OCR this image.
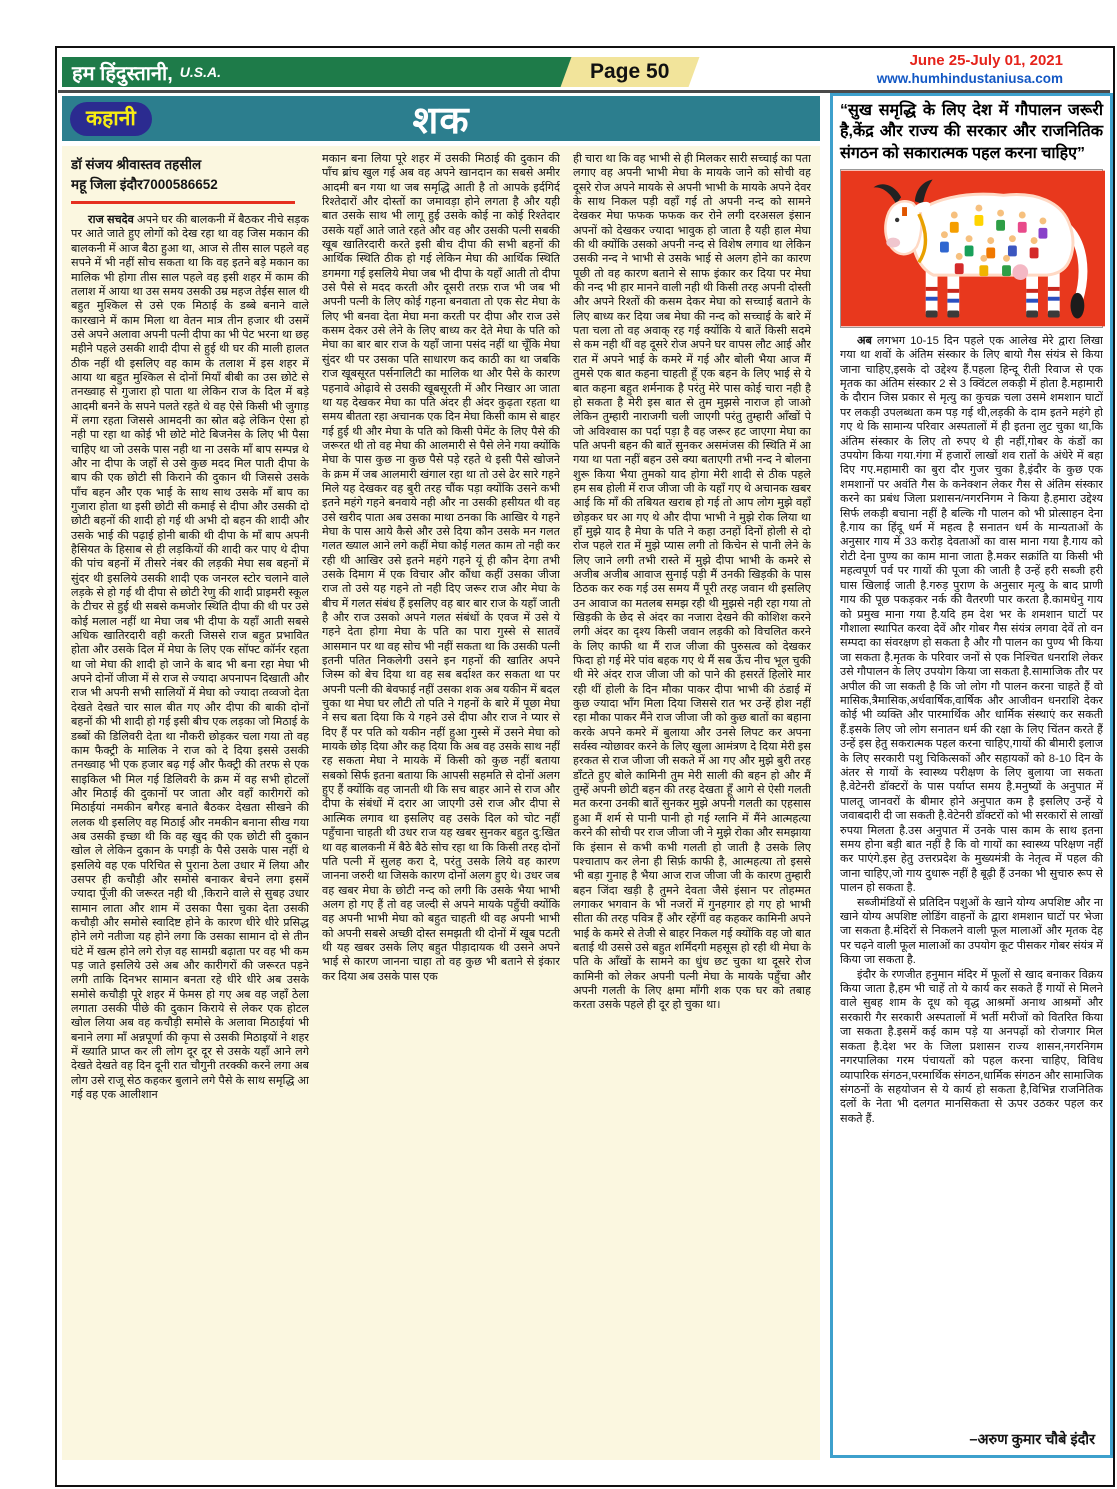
हम हिंदुस्तानी, U.S.A.	Page 50	June 25-July 01, 2021
www.humhindustaniusa.com
कहानी	शक
डॉ संजय श्रीवास्तव तहसील
महू जिला इंदौर7000586652

राज सचदेव अपने घर की बालकनी में बैठकर नीचे सड़क पर आते जाते हुए लोगों को देख रहा था वह जिस मकान की बालकनी में आज बैठा हुआ था, आज से तीस साल पहले वह सपने में भी नहीं सोच सकता था कि वह इतने बड़े मकान का मालिक भी होगा तीस साल पहले वह इसी शहर में काम की तलाश में आया था उस समय उसकी उम्र महज तेईस साल थी बहुत मुश्किल से उसे एक मिठाई के डब्बे बनाने वाले कारखाने में काम मिला था वेतन मात्र तीन हजार थी उसमें उसे अपने अलावा अपनी पत्नी दीपा का भी पेट भरना था छह महीने पहले उसकी शादी दीपा से हुई थी घर की माली हालत ठीक नहीं थी इसलिए वह काम के तलाश में इस शहर में आया था बहुत मुश्किल से दोनों मियाँ बीबी का उस छोटे से तनख्वाह से गुजारा हो पाता था लेकिन राज के दिल में बड़े आदमी बनने के सपने पलते रहते थे वह ऐसे किसी भी जुगाड़ में लगा रहता जिससे आमदनी का स्रोत बढ़े लेकिन ऐसा हो नही पा रहा था कोई भी छोटे मोटे बिजनेस के लिए भी पैसा चाहिए था जो उसके पास नही था ना उसके माँ बाप सम्पन्न थे और ना दीपा के जहाँ से उसे कुछ मदद मिल पाती दीपा के बाप की एक छोटी सी किराने की दुकान थी जिससे उसके पाँच बहन और एक भाई के साथ साथ उसके माँ बाप का गुजारा होता था इसी छोटी सी कमाई से दीपा और उसकी दो छोटी बहनों की शादी हो गई थी अभी दो बहन की शादी और उसके भाई की पढ़ाई होनी बाकी थी दीपा के माँ बाप अपनी हैसियत के हिसाब से ही लड़कियों की शादी कर पाए थे दीपा की पांच बहनों में तीसरे नंबर की लड़की मेघा सब बहनों में सुंदर थी इसलिये उसकी शादी एक जनरल स्टोर चलाने वाले लड़के से हो गई थी दीपा से छोटी रेणु की शादी प्राइमरी स्कूल के टीचर से हुई थी सबसे कमजोर स्थिति दीपा की थी पर उसे कोई मलाल नहीं था मेघा जब भी दीपा के यहाँ आती सबसे अधिक खातिरदारी वही करती जिससे राज बहुत प्रभावित होता और उसके दिल में मेघा के लिए एक सॉफ्ट कॉर्नर रहता था जो मेघा की शादी हो जाने के बाद भी बना रहा मेघा भी अपने दोनों जीजा में से राज से ज्यादा अपनापन दिखाती और राज भी अपनी सभी सालियों में मेघा को ज्यादा तव्वजो देता देखते देखते चार साल बीत गए और दीपा की बाकी दोनों बहनों की भी शादी हो गई इसी बीच एक लड़का जो मिठाई के डब्बों की डिलिवरी देता था नौकरी छोड़कर चला गया तो वह काम फैक्ट्री के मालिक ने राज को दे दिया इससे उसकी तनख्वाह भी एक हजार बढ़ गई और फैक्ट्री की तरफ से एक साइकिल भी मिल गई डिलिवरी के क्रम में वह सभी होटलों और मिठाई की दुकानों पर जाता और वहाँ कारीगरों को मिठाईयां नमकीन बगैरह बनाते बैठकर देखता सीखने की ललक थी इसलिए वह मिठाई और नमकीन बनाना सीख गया अब उसकी इच्छा थी कि वह खुद की एक छोटी सी दुकान खोल ले लेकिन दुकान के पगड़ी के पैसे उसके पास नहीं थे इसलिये वह एक परिचित से पुराना ठेला उधार में लिया और उसपर ही कचौड़ी और समोसे बनाकर बेचने लगा इसमें ज्यादा पूँजी की जरूरत नही थी ,किराने वाले से सुबह उधार सामान लाता और शाम में उसका पैसा चुका देता उसकी कचौड़ी और समोसे स्वादिष्ट होने के कारण धीरे धीरे प्रसिद्ध होने लगे नतीजा यह होने लगा कि उसका सामान दो से तीन घंटे में खत्म होने लगे रोज़ वह सामग्री बढ़ाता पर वह भी कम पड़ जाते इसलिये उसे अब और कारीगरों की जरूरत पड़ने लगी ताकि दिनभर सामान बनता रहे धीरे धीरे अब उसके समोसे कचौड़ी पूरे शहर में फेमस हो गए अब वह जहाँ ठेला लगाता उसकी पीछे की दुकान किराये से लेकर एक होटल खोल लिया अब वह कचौड़ी समोसे के अलावा मिठाईयां भी बनाने लगा माँ अन्नपूर्णा की कृपा से उसकी मिठाइयों ने शहर में ख्याति प्राप्त कर ली लोग दूर दूर से उसके यहाँ आने लगे देखते देखते वह दिन दूनी रात चौगुनी तरक्की करने लगा अब लोग उसे राजू सेठ कहकर बुलाने लगे पैसे के साथ समृद्धि आ गई वह एक आलीशान

मकान बना लिया पूरे शहर में उसकी मिठाई की दुकान की पाँच ब्रांच खुल गई अब वह अपने खानदान का सबसे अमीर आदमी बन गया था जब समृद्धि आती है तो आपके इर्दगिर्द रिश्तेदारों और दोस्तों का जमावड़ा होने लगता है और यही बात उसके साथ भी लागू हुई उसके कोई ना कोई रिश्तेदार उसके यहाँ आते जाते रहते और वह और उसकी पत्नी सबकी खूब खातिरदारी करते इसी बीच दीपा की सभी बहनों की आर्थिक स्थिति ठीक हो गई लेकिन मेघा की आर्थिक स्थिति डगमगा गई इसलिये मेघा जब भी दीपा के यहाँ आती तो दीपा उसे पैसे से मदद करती और दूसरी तरफ़ राज भी जब भी अपनी पत्नी के लिए कोई गहना बनवाता तो एक सेट मेघा के लिए भी बनवा देता मेघा मना करती पर दीपा और राज उसे कसम देकर उसे लेने के लिए बाध्य कर देते मेघा के पति को मेघा का बार बार राज के यहाँ जाना पसंद नहीं था चूँकि मेघा सुंदर थी पर उसका पति साधारण कद काठी का था जबकि राज खूबसूरत पर्सनालिटी का मालिक था और पैसे के कारण पहनावे ओढ़ावे से उसकी खूबसूरती में और निखार आ जाता था यह देखकर मेघा का पति अंदर ही अंदर कुढ़ता रहता था समय बीतता रहा अचानक एक दिन मेघा किसी काम से बाहर गई हुई थी और मेघा के पति को किसी पेमेंट के लिए पैसे की जरूरत थी तो वह मेघा की आलमारी से पैसे लेने गया क्योंकि मेघा के पास कुछ ना कुछ पैसे पड़े रहते थे इसी पैसे खोजने के क्रम में जब आलमारी खंगाल रहा था तो उसे ढेर सारे गहने मिले यह देखकर वह बुरी तरह चौंक पड़ा क्योंकि उसने कभी इतने महंगे गहने बनवाये नही और ना उसकी हसीयत थी वह उसे खरीद पाता अब उसका माथा ठनका कि आखिर ये गहने मेघा के पास आये कैसे और उसे दिया कौन उसके मन गलत गलत ख्याल आने लगे कहीं मेघा कोई गलत काम तो नही कर रही थी आखिर उसे इतने महंगे गहने यूं ही कौन देगा तभी उसके दिमाग में एक विचार और कौंधा कहीं उसका जीजा राज तो उसे यह गहने तो नही दिए जरूर राज और मेघा के बीच में गलत संबंध हैं इसलिए वह बार बार राज के यहाँ जाती है और राज उसको अपने गलत संबंधों के एवज में उसे ये गहने देता होगा मेघा के पति का पारा गुस्से से सातवें आसमान पर था वह सोच भी नहीं सकता था कि उसकी पत्नी इतनी पतित निकलेगी उसने इन गहनों की खातिर अपने जिस्म को बेच दिया था वह सब बर्दाश्त कर सकता था पर अपनी पत्नी की बेवफाई नहीं उसका शक अब यकीन में बदल चुका था मेघा घर लौटी तो पति ने गहनों के बारे में पूछा मेघा ने सच बता दिया कि ये गहने उसे दीपा और राज ने प्यार से दिए हैं पर पति को यकीन नहीं हुआ गुस्से में उसने मेघा को मायके छोड़ दिया और कह दिया कि अब वह उसके साथ नहीं रह सकता मेघा ने मायके में किसी को कुछ नहीं बताया सबको सिर्फ इतना बताया कि आपसी सहमति से दोनों अलग हुए हैं क्योंकि वह जानती थी कि सच बाहर आने से राज और दीपा के संबंधों में दरार आ जाएगी उसे राज और दीपा से आत्मिक लगाव था इसलिए वह उसके दिल को चोट नहीं पहुँचाना चाहती थी उधर राज यह खबर सुनकर बहुत दु:खित था वह बालकनी में बैठे बैठे सोच रहा था कि किसी तरह दोनों पति पत्नी में सुलह करा दे, परंतु उसके लिये वह कारण जानना जरुरी था जिसके कारण दोनों अलग हुए थे। उधर जब वह खबर मेघा के छोटी नन्द को लगी कि उसके भैया भाभी अलग हो गए हैं तो वह जल्दी से अपने मायके पहुँची क्योंकि वह अपनी भाभी मेघा को बहुत चाहती थी वह अपनी भाभी को अपनी सबसे अच्छी दोस्त समझती थी दोनों में खूब पटती थी यह खबर उसके लिए बहुत पीड़ादायक थी उसने अपने भाई से कारण जानना चाहा तो वह कुछ भी बताने से इंकार कर दिया अब उसके पास एक

ही चारा था कि वह भाभी से ही मिलकर सारी सच्चाई का पता लगाए वह अपनी भाभी मेघा के मायके जाने को सोची वह दूसरे रोज अपने मायके से अपनी भाभी के मायके अपने देवर के साथ निकल पड़ी वहाँ गई तो अपनी नन्द को सामने देखकर मेघा फफक फफक कर रोने लगी दरअसल इंसान अपनों को देखकर ज्यादा भावुक हो जाता है यही हाल मेघा की थी क्योंकि उसको अपनी नन्द से विशेष लगाव था लेकिन उसकी नन्द ने भाभी से उसके भाई से अलग होने का कारण पूछी तो वह कारण बताने से साफ इंकार कर दिया पर मेघा की नन्द भी हार मानने वाली नही थी किसी तरह अपनी दोस्ती और अपने रिश्तों की कसम देकर मेघा को सच्चाई बताने के लिए बाध्य कर दिया जब मेघा की नन्द को सच्चाई के बारे में पता चला तो वह अवाक् रह गई क्योंकि ये बातें किसी सदमे से कम नही थीं वह दूसरे रोज अपने घर वापस लौट आई और रात में अपने भाई के कमरे में गई और बोली भैया आज मैं तुमसे एक बात कहना चाहती हूँ एक बहन के लिए भाई से ये बात कहना बहुत शर्मनाक है परंतु मेरे पास कोई चारा नही है हो सकता है मेरी इस बात से तुम मुझसे नाराज हो जाओ लेकिन तुम्हारी नाराजगी चली जाएगी परंतु तुम्हारी आँखों पे जो अविश्वास का पर्दा पड़ा है वह जरूर हट जाएगा मेघा का पति अपनी बहन की बातें सुनकर असमंजस की स्थिति में आ गया था पता नहीं बहन उसे क्या बताएगी तभी नन्द ने बोलना शुरू किया भैया तुमको याद होगा मेरी शादी से ठीक पहले हम सब होली में राज जीजा जी के यहाँ गए थे अचानक खबर आई कि माँ की तबियत खराब हो गई तो आप लोग मुझे वहाँ छोड़कर घर आ गए थे और दीपा भाभी ने मुझे रोक लिया था हाँ मुझे याद है मेघा के पति ने कहा उनहों दिनों होली से दो रोज पहले रात में मुझे प्यास लगी तो किचेन से पानी लेने के लिए जाने लगी तभी रास्ते में मुझे दीपा भाभी के कमरे से अजीब अजीब आवाज सुनाई पड़ी मैं उनकी खिड़की के पास ठिठक कर रुक गई उस समय मैं पूरी तरह जवान थी इसलिए उन आवाज का मतलब समझ रही थी मुझसे नही रहा गया तो खिड़की के छेद से अंदर का नजारा देखने की कोशिश करने लगी अंदर का दृश्य किसी जवान लड़की को विचलित करने के लिए काफी था मैं राज जीजा की पुरुसत्व को देखकर फिदा हो गई मेरे पांव बहक गए थे मैं सब ऊँच नीच भूल चुकी थी मेरे अंदर राज जीजा जी को पाने की हसरतें हिलोरे मार रही थीं होली के दिन मौका पाकर दीपा भाभी की ठंडाई में कुछ ज्यादा भाँग मिला दिया जिससे रात भर उन्हें होश नहीं रहा मौका पाकर मैंने राज जीजा जी को कुछ बातों का बहाना करके अपने कमरे में बुलाया और उनसे लिपट कर अपना सर्वस्व न्योछावर करने के लिए खुला आमंत्रण दे दिया मेरी इस हरकत से राज जीजा जी सकते में आ गए और मुझे बुरी तरह डाँटते हुए बोले कामिनी तुम मेरी साली की बहन हो और मैं तुम्हें अपनी छोटी बहन की तरह देखता हूँ आगे से ऐसी गलती मत करना उनकी बातें सुनकर मुझे अपनी गलती का एहसास हुआ मैं शर्म से पानी पानी हो गई ग्लानि में मैंने आत्महत्या करने की सोची पर राज जीजा जी ने मुझे रोका और समझाया कि इंसान से कभी कभी गलती हो जाती है उसके लिए पश्चाताप कर लेना ही सिर्फ़ काफी है, आत्महत्या तो इससे भी बड़ा गुनाह है भैया आज राज जीजा जी के कारण तुम्हारी बहन जिंदा खड़ी है तुमने देवता जैसे इंसान पर तोहम्मत लगाकर भगवान के भी नजरों में गुनहगार हो गए हो भाभी सीता की तरह पवित्र हैं और रहेंगीं वह कहकर कामिनी अपने भाई के कमरे से तेजी से बाहर निकल गई क्योंकि वह जो बात बताई थी उससे उसे बहुत शर्मिंदगी महसूस हो रही थी मेघा के पति के आँखों के सामने का धुंध छट चुका था दूसरे रोज कामिनी को लेकर अपनी पत्नी मेघा के मायके पहुँचा और अपनी गलती के लिए क्षमा माँगी शक एक घर को तबाह करता उसके पहले ही दूर हो चुका था।

“सुख समृद्धि के लिए देश में गौपालन जरूरी है,केंद्र और राज्य की सरकार और राजनितिक संगठन को सकारात्मक पहल करना चाहिए”

अब लगभग 10-15 दिन पहले एक आलेख मेरे द्वारा लिखा गया था शवों के अंतिम संस्कार के लिए बायो गैस संयंत्र से किया जाना चाहिए,इसके दो उद्देश्य हैं.पहला हिन्दू रीती रिवाज से एक मृतक का अंतिम संस्कार 2 से 3 क्विंटल लकड़ी में होता है.महामारी के दौरान जिस प्रकार से मृत्यु का कुचक्र चला उसमे शमशान घाटों पर लकड़ी उपलब्धता कम पड़ गई थी,लड़की के दाम इतने महंगे हो गए थे कि सामान्य परिवार अस्पतालों में ही इतना लुट चुका था,कि अंतिम संस्कार के लिए तो रुपए थे ही नहीं,गोबर के कंडों का उपयोग किया गया.गंगा में हजारों लाखों शव रातों के अंधेरे में बहा दिए गए.महामारी का बुरा दौर गुजर चुका है,इंदौर के कुछ एक शमशानों पर अवंति गैस के कनेक्शन लेकर गैस से अंतिम संस्कार करने का प्रबंध जिला प्रशासन/नगरनिगम ने किया है.हमारा उद्देश्य सिर्फ लकड़ी बचाना नहीं है बल्कि गौ पालन को भी प्रोत्साहन देना है.गाय का हिंदू धर्म में महत्व है सनातन धर्म के मान्यताओं के अनुसार गाय में 33 करोड़ देवताओं का वास माना गया है.गाय को रोटी देना पुण्य का काम माना जाता है.मकर सक्रांति या किसी भी महत्वपूर्ण पर्व पर गायों की पूजा की जाती है उन्हें हरी सब्जी हरी घास खिलाई जाती है.गरुड़ पुराण के अनुसार मृत्यु के बाद प्राणी गाय की पूछ पकड़कर नर्क की वैतरणी पार करता है.कामधेनु गाय को प्रमुख माना गया है.यदि हम देश भर के शमशान घाटों पर गौशाला स्थापित करवा देवें और गोबर गैस संयंत्र लगवा देवें तो वन सम्पदा का संवरक्षण हो सकता है और गौ पालन का पुण्य भी किया जा सकता है.मृतक के परिवार जनों से एक निश्चित धनराशि लेकर उसे गौपालन के लिए उपयोग किया जा सकता है.सामाजिक तौर पर अपील की जा सकती है कि जो लोग गौ पालन करना चाहते हैं वो मासिक,त्रैमासिक,अर्धवार्षिक,वार्षिक और आजीवन धनराशि देकर कोई भी व्यक्ति और पारमार्थिक और धार्मिक संस्थाएं कर सकती हैं.इसके लिए जो लोग सनातन धर्म की रक्षा के लिए चिंतन करते हैं उन्हें इस हेतु सकरात्मक पहल करना चाहिए,गायों की बीमारी इलाज के लिए सरकारी पशु चिकित्सकों और सहायकों को 8-10 दिन के अंतर से गायों के स्वास्थ्य परीक्षण के लिए बुलाया जा सकता है.वेटेनरी डॉक्टरों के पास पर्याप्त समय है.मनुष्यों के अनुपात में पालतू जानवरों के बीमार होने अनुपात कम है इसलिए उन्हें ये जवाबदारी दी जा सकती है.वेटेनरी डॉक्टरों को भी सरकारों से लाखों रुपया मिलता है.उस अनुपात में उनके पास काम के साथ इतना समय होना बड़ी बात नहीं है कि वो गायों का स्वास्थ्य परिक्षण नहीं कर पाएंगे.इस हेतु उत्तरप्रदेश के मुख्यमंत्री के नेतृत्व में पहल की जाना चाहिए,जो गाय दुधारू नहीं है बूढ़ी हैं उनका भी सुचारु रूप से पालन हो सकता है.

सब्जीमंडियों से प्रतिदिन पशुओं के खाने योग्य अपशिष्ट और ना खाने योग्य अपशिष्ट लोडिंग वाहनों के द्वारा शमशान घाटों पर भेजा जा सकता है.मंदिरों से निकलने वाली फूल मालाओं और मृतक देह पर चढ़ने वाली फूल मालाओं का उपयोग कूट पीसकर गोबर संयंत्र में किया जा सकता है.

इंदौर के रणजीत हनुमान मंदिर में फूलों से खाद बनाकर विक्रय किया जाता है,हम भी चाहें तो ये कार्य कर सकते हैं गायों से मिलने वाले सुबह शाम के दूध को वृद्ध आश्रमों अनाथ आश्रमों और सरकारी गैर सरकारी अस्पतालों में भर्ती मरीजों को वितरित किया जा सकता है.इसमें कई काम पड़े या अनपढ़ों को रोजगार मिल सकता है.देश भर के जिला प्रशासन राज्य शासन,नगरनिगम नगरपालिका गरम पंचायतों को पहल करना चाहिए, विविध व्यापारिक संगठन,परमार्थिक संगठन,धार्मिक संगठन और सामाजिक संगठनों के सहयोजन से ये कार्य हो सकता है,विभिन्न राजनितिक दलों के नेता भी दलगत मानसिकता से ऊपर उठकर पहल कर सकते हैं.

–अरुण कुमार चौबे इंदौर
